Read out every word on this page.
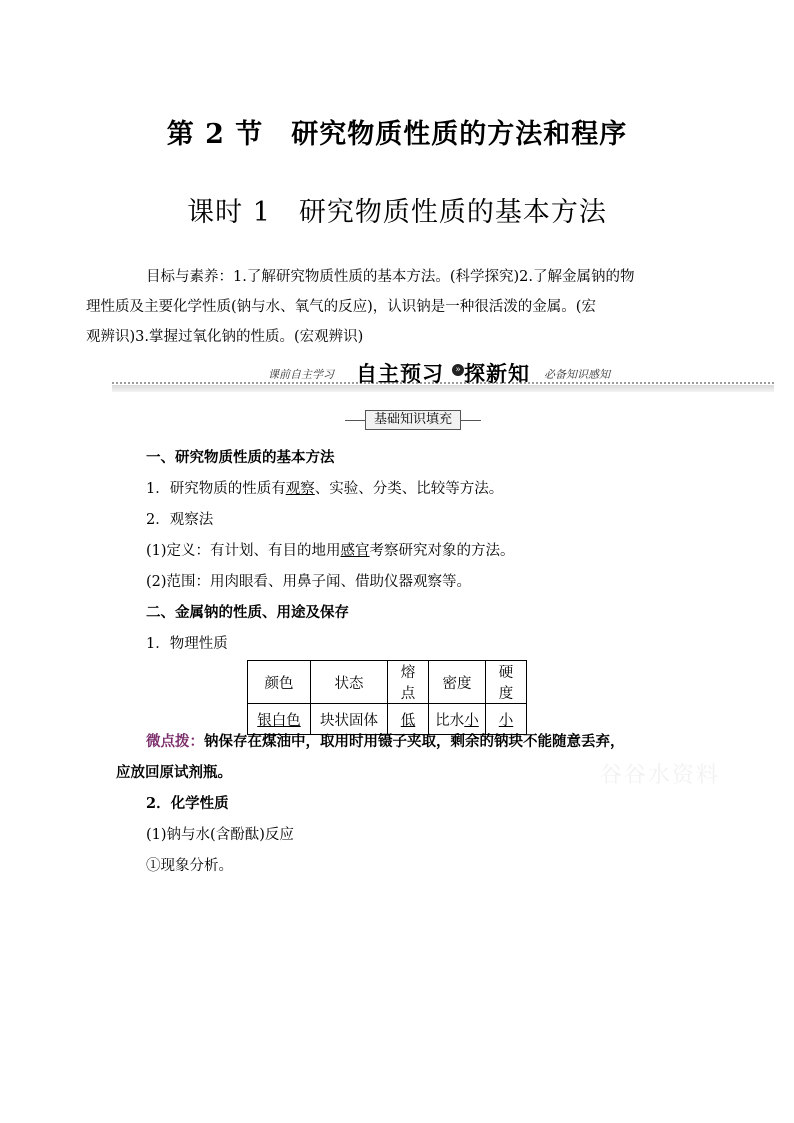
第 2 节　研究物质性质的方法和程序
课时 1　研究物质性质的基本方法
目标与素养：1.了解研究物质性质的基本方法。(科学探究)2.了解金属钠的物
理性质及主要化学性质(钠与水、氧气的反应)，认识钠是一种很活泼的金属。(宏
观辨识)3.掌握过氧化钠的性质。(宏观辨识)
课前自主学习 自主预习	» 探新知 必备知识感知
基础知识填充
一、研究物质性质的基本方法
1．研究物质的性质有观察、实验、分类、比较等方法。
2．观察法
(1)定义：有计划、有目的地用感官考察研究对象的方法。
(2)范围：用肉眼看、用鼻子闻、借助仪器观察等。
二、金属钠的性质、用途及保存
1．物理性质
颜色	状态	熔点	密度	硬度
银白色	块状固体	低	比水小	小
微点拨：钠保存在煤油中，取用时用镊子夹取，剩余的钠块不能随意丢弃，
应放回原试剂瓶。	谷谷水资料
2．化学性质
(1)钠与水(含酚酞)反应
①现象分析。
